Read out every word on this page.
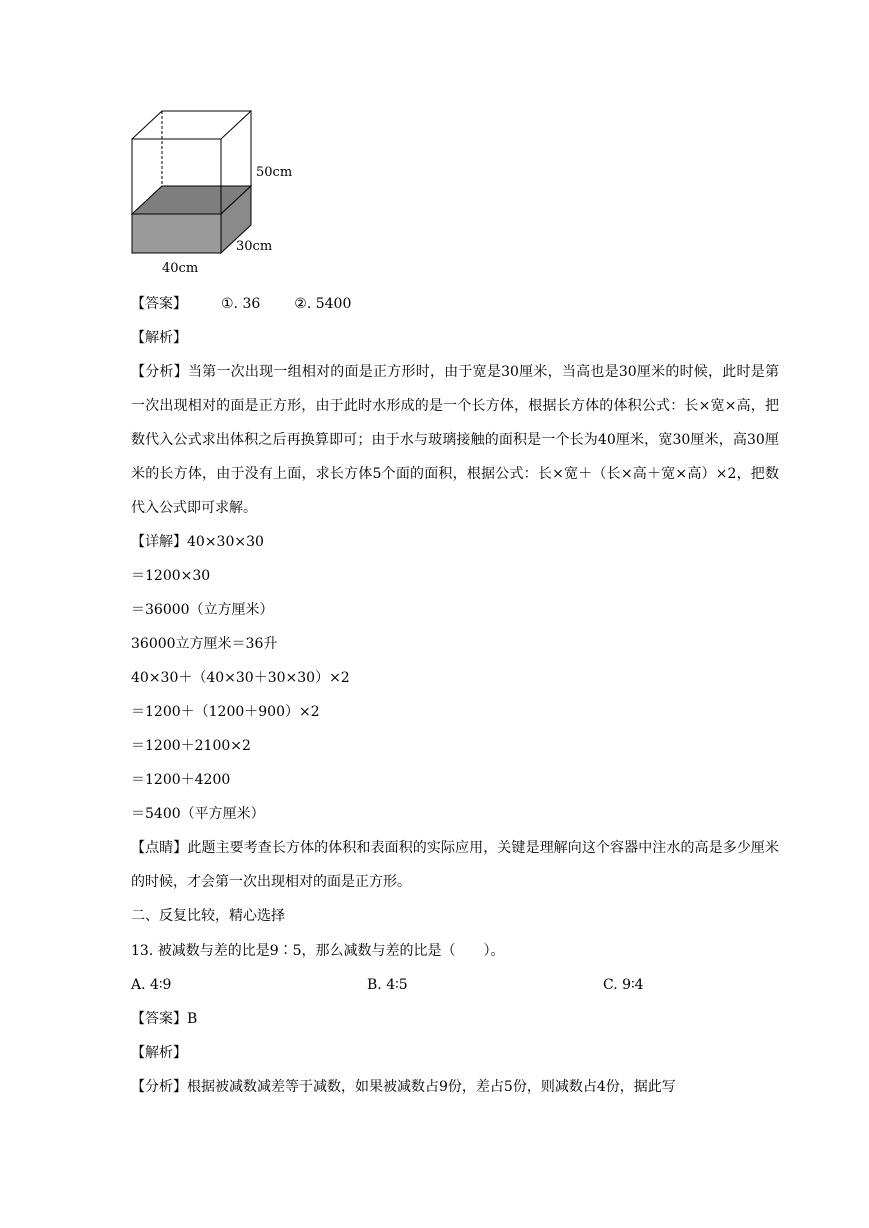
50cm
30cm
40cm
【答案】 ①. 36 ②. 5400
【解析】
【分析】当第一次出现一组相对的面是正方形时，由于宽是30厘米，当高也是30厘米的时候，此时是第一次出现相对的面是正方形，由于此时水形成的是一个长方体，根据长方体的体积公式：长×宽×高，把数代入公式求出体积之后再换算即可；由于水与玻璃接触的面积是一个长为40厘米，宽30厘米，高30厘米的长方体，由于没有上面，求长方体5个面的面积，根据公式：长×宽＋（长×高＋宽×高）×2，把数代入公式即可求解。
【详解】40×30×30
＝1200×30
＝36000（立方厘米）
36000立方厘米＝36升
40×30＋（40×30＋30×30）×2
＝1200＋（1200＋900）×2
＝1200＋2100×2
＝1200＋4200
＝5400（平方厘米）
【点睛】此题主要考查长方体的体积和表面积的实际应用，关键是理解向这个容器中注水的高是多少厘米的时候，才会第一次出现相对的面是正方形。
二、反复比较，精心选择
13. 被减数与差的比是9∶5，那么减数与差的比是（　　）。
A. 4∶9	B. 4∶5	C. 9∶4
【答案】B
【解析】
【分析】根据被减数减差等于减数，如果被减数占9份，差占5份，则减数占4份，据此写
